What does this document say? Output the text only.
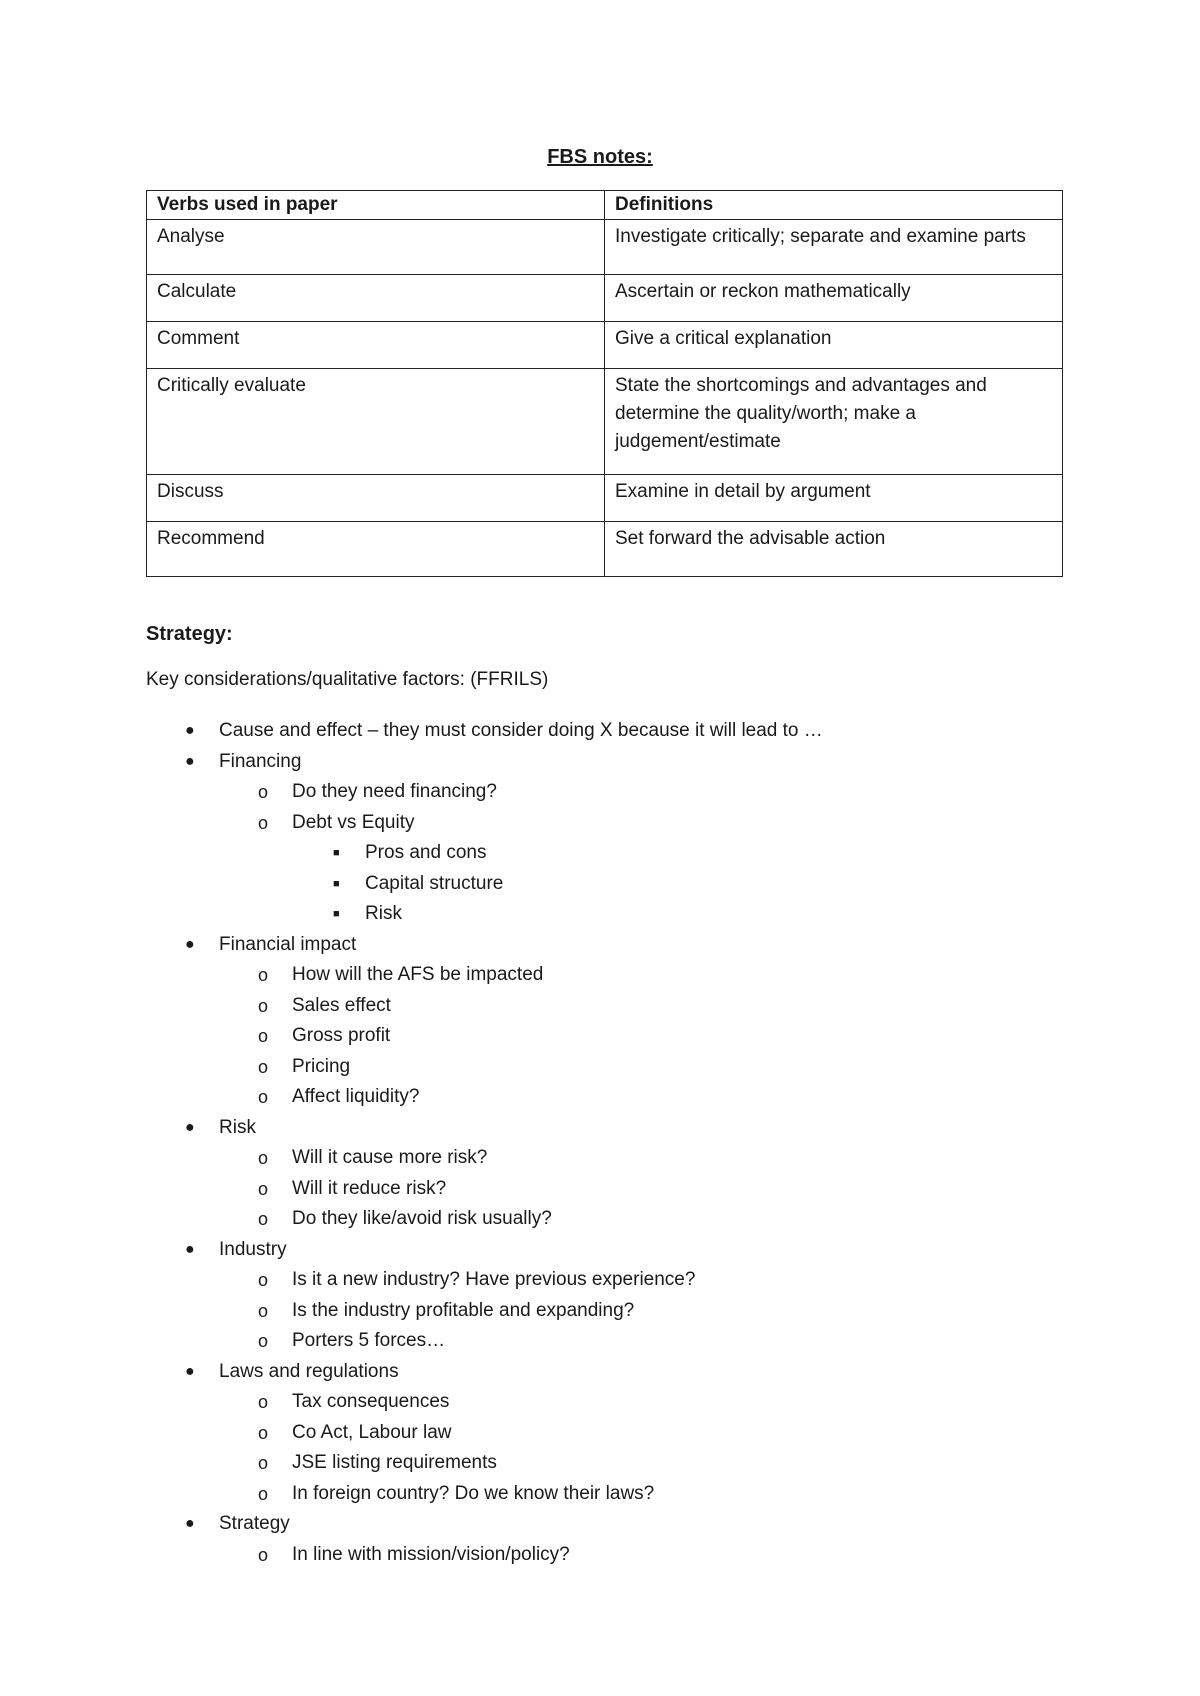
FBS notes:
Verbs used in paper	Definitions
Analyse	Investigate critically; separate and examine parts
Calculate	Ascertain or reckon mathematically
Comment	Give a critical explanation
Critically evaluate	State the shortcomings and advantages and determine the quality/worth; make a judgement/estimate
Discuss	Examine in detail by argument
Recommend	Set forward the advisable action
Strategy:
Key considerations/qualitative factors: (FFRILS)
● Cause and effect – they must consider doing X because it will lead to …
● Financing
o Do they need financing?
o Debt vs Equity
■ Pros and cons
■ Capital structure
■ Risk
● Financial impact
o How will the AFS be impacted
o Sales effect
o Gross profit
o Pricing
o Affect liquidity?
● Risk
o Will it cause more risk?
o Will it reduce risk?
o Do they like/avoid risk usually?
● Industry
o Is it a new industry? Have previous experience?
o Is the industry profitable and expanding?
o Porters 5 forces…
● Laws and regulations
o Tax consequences
o Co Act, Labour law
o JSE listing requirements
o In foreign country? Do we know their laws?
● Strategy
o In line with mission/vision/policy?
